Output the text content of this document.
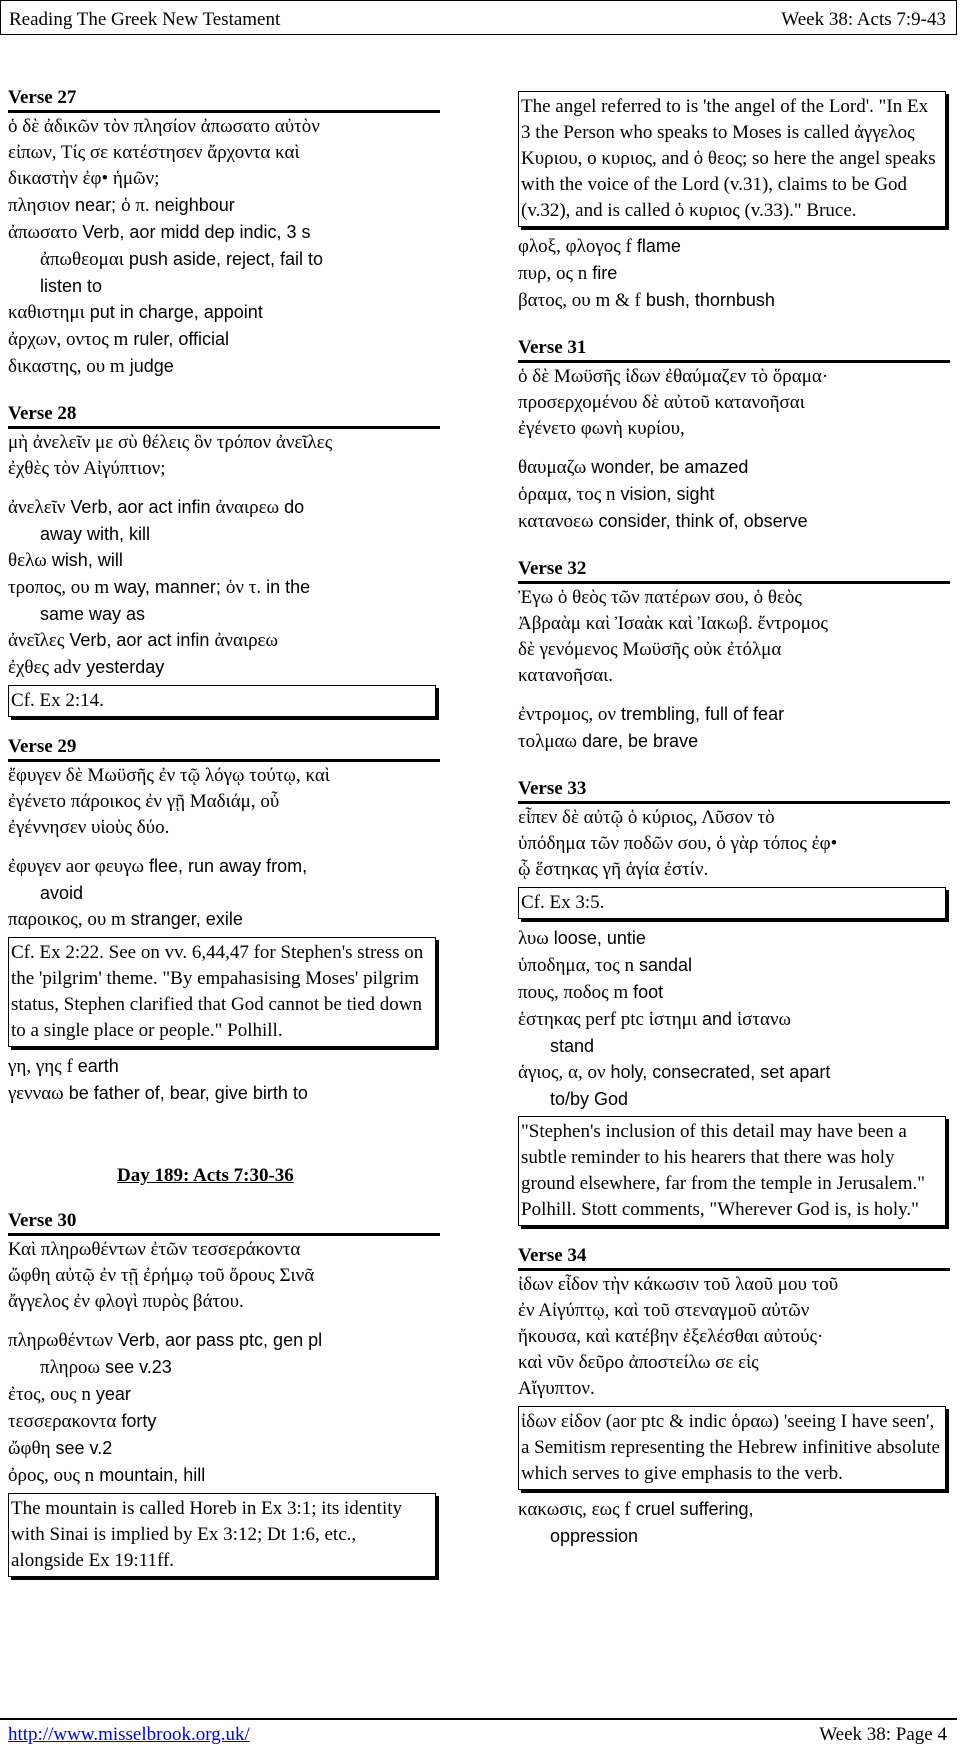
Reading The Greek New Testament	Week 38: Acts 7:9-43
Verse 27
ὁ δὲ ἀδικῶν τὸν πλησίον ἀπωσατο αὐτὸν
εἰπων, Τίς σε κατέστησεν ἄρχοντα καὶ
δικαστὴν ἐφ• ἡμῶν;
πλησιον near; ὁ π. neighbour
ἀπωσατο Verb, aor midd dep indic, 3 s
ἀπωθεομαι push aside, reject, fail to
listen to
καθιστημι put in charge, appoint
ἀρχων, οντος m ruler, official
δικαστης, ου m judge
Verse 28
μὴ ἀνελεῖν με σὺ θέλεις ὃν τρόπον ἀνεῖλες
ἐχθὲς τὸν Αἰγύπτιον;
ἀνελεῖν Verb, aor act infin ἀναιρεω do
away with, kill
θελω wish, will
τροπος, ου m way, manner; ὁν τ. in the
same way as
ἀνεῖλες Verb, aor act infin ἀναιρεω
ἐχθες adv yesterday
Cf. Ex 2:14.
Verse 29
ἔφυγεν δὲ Μωϋσῆς ἐν τῷ λόγῳ τούτῳ, καὶ
ἐγένετο πάροικος ἐν γῇ Μαδιάμ, οὗ
ἐγέννησεν υἱοὺς δύο.
ἐφυγεν aor φευγω flee, run away from,
avoid
παροικος, ου m stranger, exile
Cf. Ex 2:22. See on vv. 6,44,47 for Stephen's stress on the 'pilgrim' theme. "By empahasising Moses' pilgrim status, Stephen clarified that God cannot be tied down to a single place or people." Polhill.
γη, γης f earth
γενναω be father of, bear, give birth to
Day 189: Acts 7:30-36
Verse 30
Καὶ πληρωθέντων ἐτῶν τεσσεράκοντα
ὤφθη αὐτῷ ἐν τῇ ἐρήμῳ τοῦ ὄρους Σινᾶ
ἄγγελος ἐν φλογὶ πυρὸς βάτου.
πληρωθέντων Verb, aor pass ptc, gen pl
πληροω see v.23
ἐτος, ους n year
τεσσερακοντα forty
ὤφθη see v.2
ὀρος, ους n mountain, hill
The mountain is called Horeb in Ex 3:1; its identity with Sinai is implied by Ex 3:12; Dt 1:6, etc., alongside Ex 19:11ff.
The angel referred to is 'the angel of the Lord'. "In Ex 3 the Person who speaks to Moses is called ἀγγελος Κυριου, ο κυριος, and ὁ θεος; so here the angel speaks with the voice of the Lord (v.31), claims to be God (v.32), and is called ὁ κυριος (v.33)." Bruce.
φλοξ, φλογος f flame
πυρ, ος n fire
βατος, ου m & f bush, thornbush
Verse 31
ὁ δὲ Μωϋσῆς ἰδων ἐθαύμαζεν τὸ ὅραμα·
προσερχομένου δὲ αὐτοῦ κατανοῆσαι
ἐγένετο φωνὴ κυρίου,
θαυμαζω wonder, be amazed
ὁραμα, τος n vision, sight
κατανοεω consider, think of, observe
Verse 32
Ἐγω ὁ θεὸς τῶν πατέρων σου, ὁ θεὸς
Ἀβραὰμ καὶ Ἰσαὰκ καὶ Ἰακωβ. ἔντρομος
δὲ γενόμενος Μωϋσῆς οὐκ ἐτόλμα
κατανοῆσαι.
ἐντρομος, ον trembling, full of fear
τολμαω dare, be brave
Verse 33
εἶπεν δὲ αὐτῷ ὁ κύριος, Λῦσον τὸ
ὑπόδημα τῶν ποδῶν σου, ὁ γὰρ τόπος ἐφ•
ᾧ ἕστηκας γῆ ἁγία ἐστίν.
Cf. Ex 3:5.
λυω loose, untie
ὑποδημα, τος n sandal
πους, ποδος m foot
ἑστηκας perf ptc ἱστημι and ἱστανω
stand
ἁγιος, α, ον holy, consecrated, set apart
to/by God
"Stephen's inclusion of this detail may have been a subtle reminder to his hearers that there was holy ground elsewhere, far from the temple in Jerusalem." Polhill. Stott comments, "Wherever God is, is holy."
Verse 34
ἰδων εἶδον τὴν κάκωσιν τοῦ λαοῦ μου τοῦ
ἐν Αἰγύπτῳ, καὶ τοῦ στεναγμοῦ αὐτῶν
ἤκουσα, καὶ κατέβην ἐξελέσθαι αὐτούς·
καὶ νῦν δεῦρο ἀποστείλω σε εἰς
Αἴγυπτον.
ἰδων εἰδον (aor ptc & indic ὁραω) 'seeing I have seen', a Semitism representing the Hebrew infinitive absolute which serves to give emphasis to the verb.
κακωσις, εως f cruel suffering,
oppression
http://www.misselbrook.org.uk/	Week 38: Page 4
